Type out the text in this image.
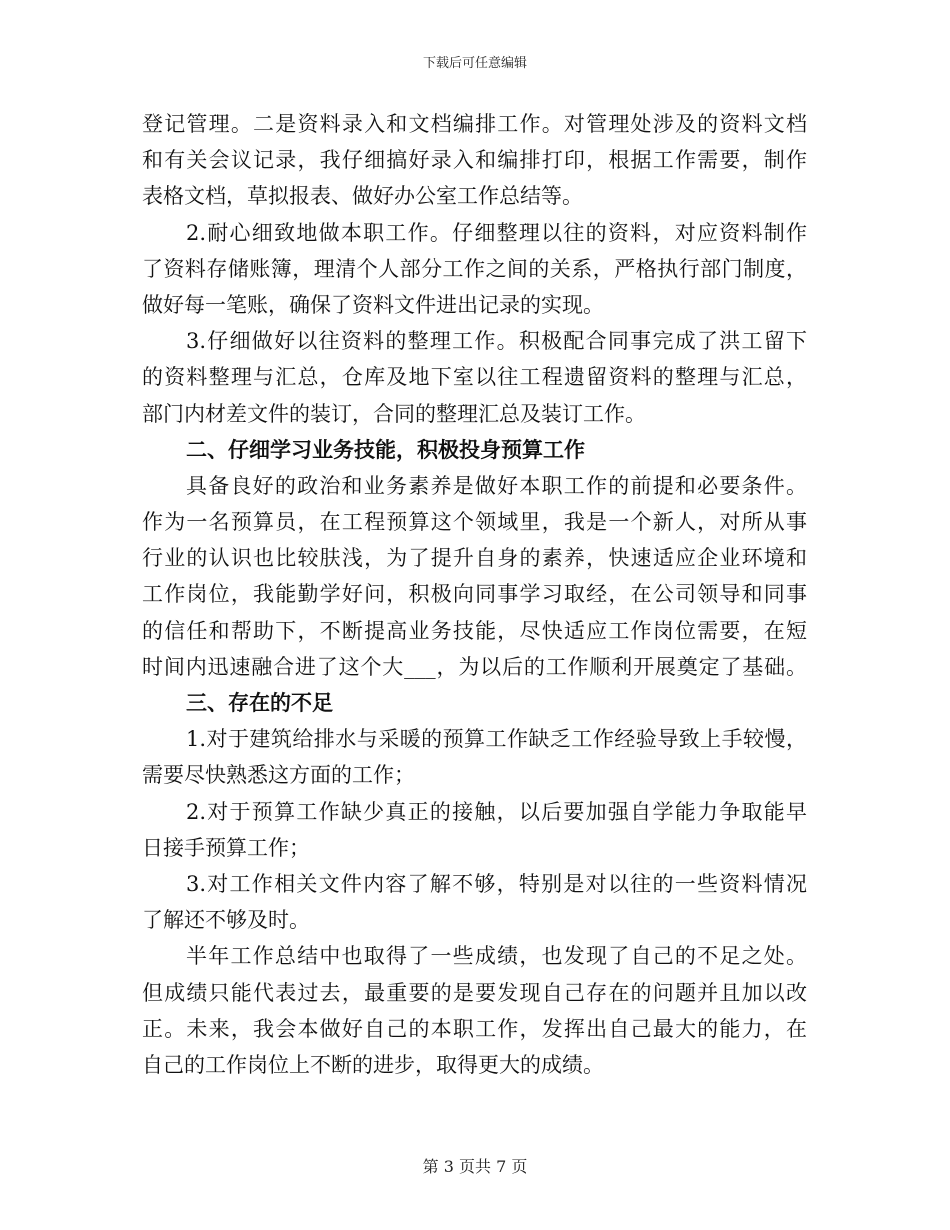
下载后可任意编辑
登记管理。二是资料录入和文档编排工作。对管理处涉及的资料文档
和有关会议记录，我仔细搞好录入和编排打印，根据工作需要，制作
表格文档，草拟报表、做好办公室工作总结等。
2.耐心细致地做本职工作。仔细整理以往的资料，对应资料制作
了资料存储账簿，理清个人部分工作之间的关系，严格执行部门制度，
做好每一笔账，确保了资料文件进出记录的实现。
3.仔细做好以往资料的整理工作。积极配合同事完成了洪工留下
的资料整理与汇总，仓库及地下室以往工程遗留资料的整理与汇总，
部门内材差文件的装订，合同的整理汇总及装订工作。
二、仔细学习业务技能，积极投身预算工作
具备良好的政治和业务素养是做好本职工作的前提和必要条件。
作为一名预算员，在工程预算这个领域里，我是一个新人，对所从事
行业的认识也比较肤浅，为了提升自身的素养，快速适应企业环境和
工作岗位，我能勤学好问，积极向同事学习取经，在公司领导和同事
的信任和帮助下，不断提高业务技能，尽快适应工作岗位需要，在短
时间内迅速融合进了这个大___，为以后的工作顺利开展奠定了基础。
三、存在的不足
1.对于建筑给排水与采暖的预算工作缺乏工作经验导致上手较慢，
需要尽快熟悉这方面的工作；
2.对于预算工作缺少真正的接触，以后要加强自学能力争取能早
日接手预算工作；
3.对工作相关文件内容了解不够，特别是对以往的一些资料情况
了解还不够及时。
半年工作总结中也取得了一些成绩，也发现了自己的不足之处。
但成绩只能代表过去，最重要的是要发现自己存在的问题并且加以改
正。未来，我会本做好自己的本职工作，发挥出自己最大的能力，在
自己的工作岗位上不断的进步，取得更大的成绩。
第 3 页共 7 页
